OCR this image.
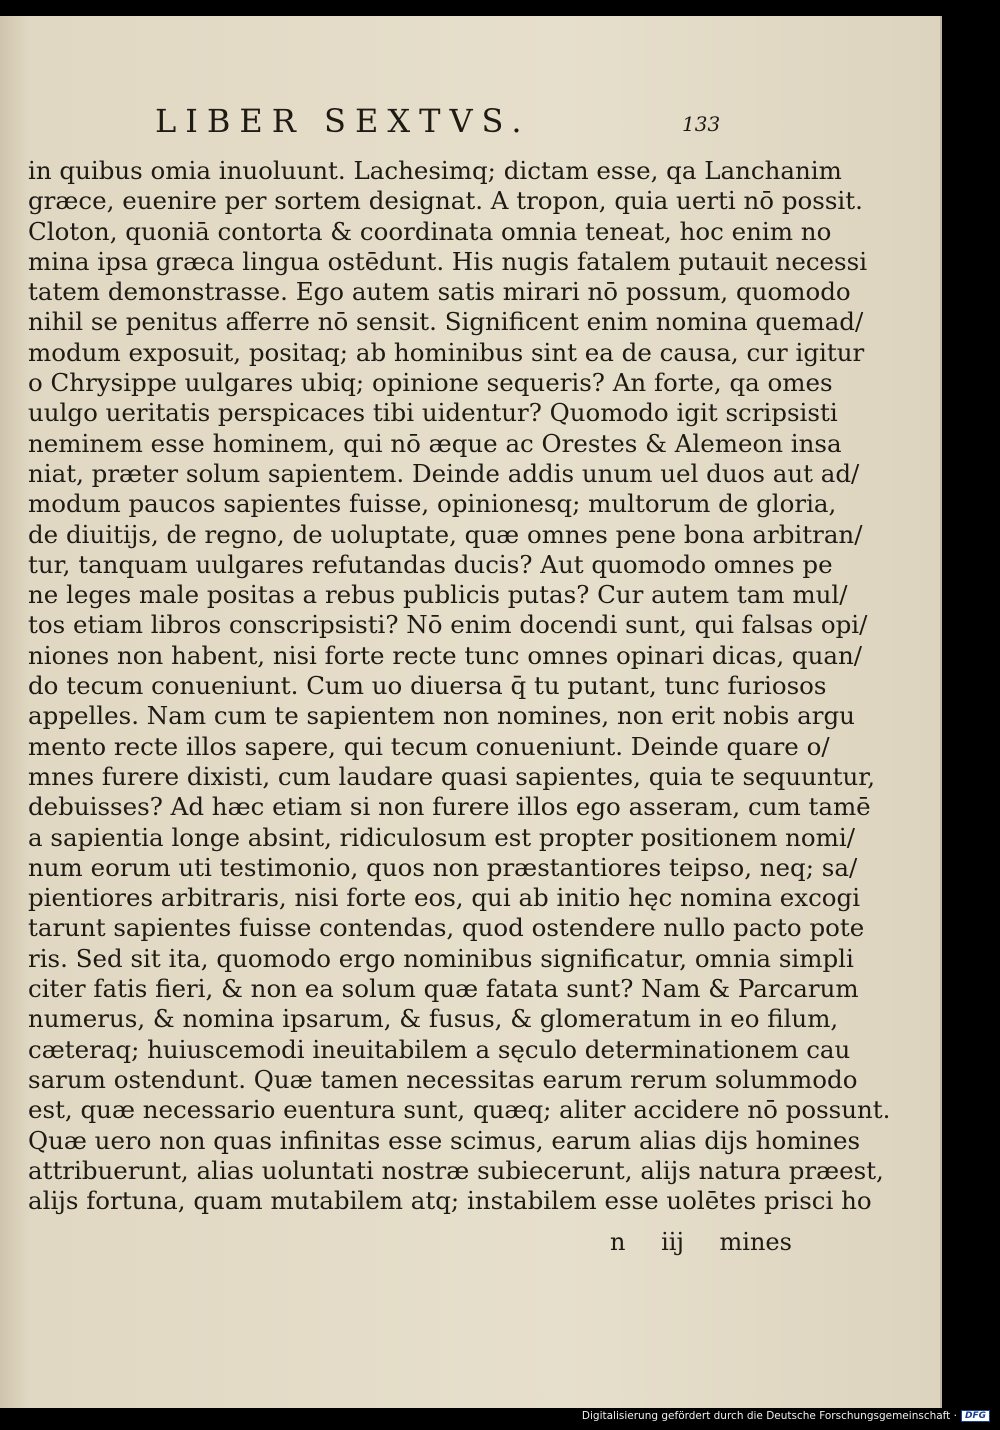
LIBER SEXTVS.	133
in quibus omia inuoluunt. Lachesimq; dictam esse, qa Lanchanim
græce, euenire per sortem designat. A tropon, quia uerti nō possit.
Cloton, quoniā contorta & coordinata omnia teneat, hoc enim no
mina ipsa græca lingua ostēdunt. His nugis fatalem putauit necessi
tatem demonstrasse. Ego autem satis mirari nō possum, quomodo
nihil se penitus afferre nō sensit. Significent enim nomina quemad/
modum exposuit, positaq; ab hominibus sint ea de causa, cur igitur
o Chrysippe uulgares ubiq; opinione sequeris? An forte, qa omes
uulgo ueritatis perspicaces tibi uidentur? Quomodo igit scripsisti
neminem esse hominem, qui nō æque ac Orestes & Alemeon insa
niat, præter solum sapientem. Deinde addis unum uel duos aut ad/
modum paucos sapientes fuisse, opinionesq; multorum de gloria,
de diuitijs, de regno, de uoluptate, quæ omnes pene bona arbitran/
tur, tanquam uulgares refutandas ducis? Aut quomodo omnes pe
ne leges male positas a rebus publicis putas? Cur autem tam mul/
tos etiam libros conscripsisti? Nō enim docendi sunt, qui falsas opi/
niones non habent, nisi forte recte tunc omnes opinari dicas, quan/
do tecum conueniunt. Cum uo diuersa q̄ tu putant, tunc furiosos
appelles. Nam cum te sapientem non nomines, non erit nobis argu
mento recte illos sapere, qui tecum conueniunt. Deinde quare o/
mnes furere dixisti, cum laudare quasi sapientes, quia te sequuntur,
debuisses? Ad hæc etiam si non furere illos ego asseram, cum tamē
a sapientia longe absint, ridiculosum est propter positionem nomi/
num eorum uti testimonio, quos non præstantiores teipso, neq; sa/
pientiores arbitraris, nisi forte eos, qui ab initio hęc nomina excogi
tarunt sapientes fuisse contendas, quod ostendere nullo pacto pote
ris. Sed sit ita, quomodo ergo nominibus significatur, omnia simpli
citer fatis fieri, & non ea solum quæ fatata sunt? Nam & Parcarum
numerus, & nomina ipsarum, & fusus, & glomeratum in eo filum,
cæteraq; huiuscemodi ineuitabilem a sęculo determinationem cau
sarum ostendunt. Quæ tamen necessitas earum rerum solummodo
est, quæ necessario euentura sunt, quæq; aliter accidere nō possunt.
Quæ uero non quas infinitas esse scimus, earum alias dijs homines
attribuerunt, alias uoluntati nostræ subiecerunt, alijs natura præest,
alijs fortuna, quam mutabilem atq; instabilem esse uolētes prisci ho
n iij mines
Digitalisierung gefördert durch die Deutsche Forschungsgemeinschaft · DFG
